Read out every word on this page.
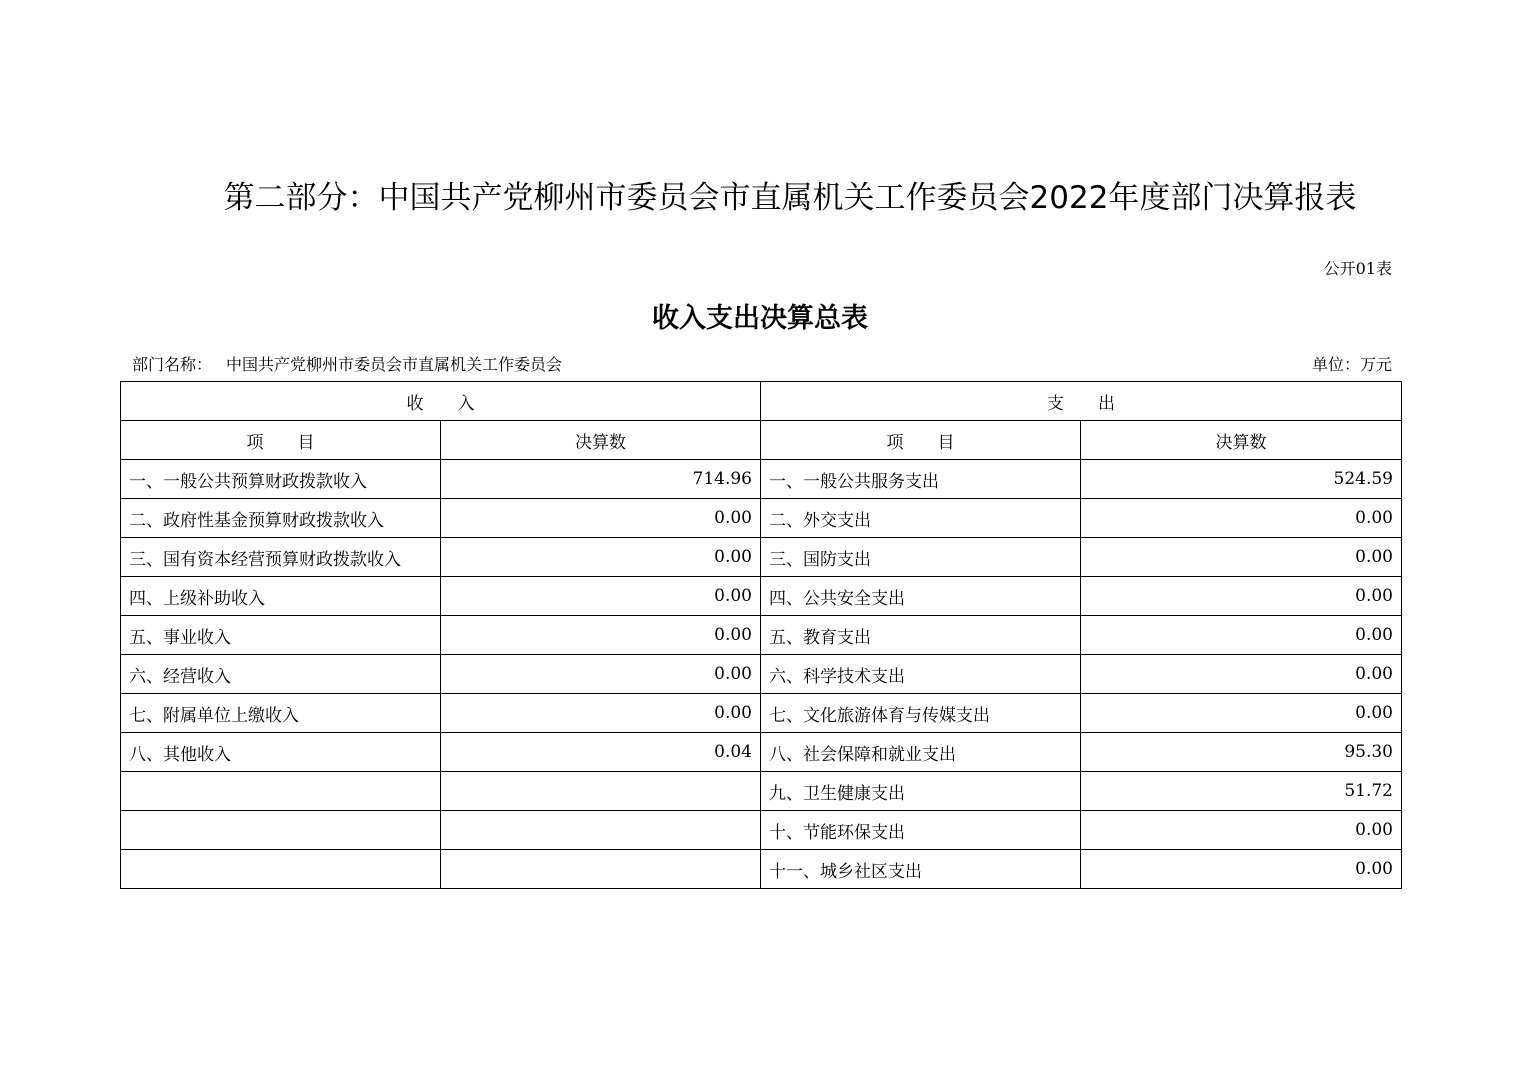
第二部分：中国共产党柳州市委员会市直属机关工作委员会2022年度部门决算报表
公开01表
收入支出决算总表
部门名称： 中国共产党柳州市委员会市直属机关工作委员会	单位：万元
收　　入		支　　出	
项　　目	决算数	项　　目	决算数
一、一般公共预算财政拨款收入	714.96	一、一般公共服务支出	524.59
二、政府性基金预算财政拨款收入	0.00	二、外交支出	0.00
三、国有资本经营预算财政拨款收入	0.00	三、国防支出	0.00
四、上级补助收入	0.00	四、公共安全支出	0.00
五、事业收入	0.00	五、教育支出	0.00
六、经营收入	0.00	六、科学技术支出	0.00
七、附属单位上缴收入	0.00	七、文化旅游体育与传媒支出	0.00
八、其他收入	0.04	八、社会保障和就业支出	95.30
		九、卫生健康支出	51.72
		十、节能环保支出	0.00
		十一、城乡社区支出	0.00
